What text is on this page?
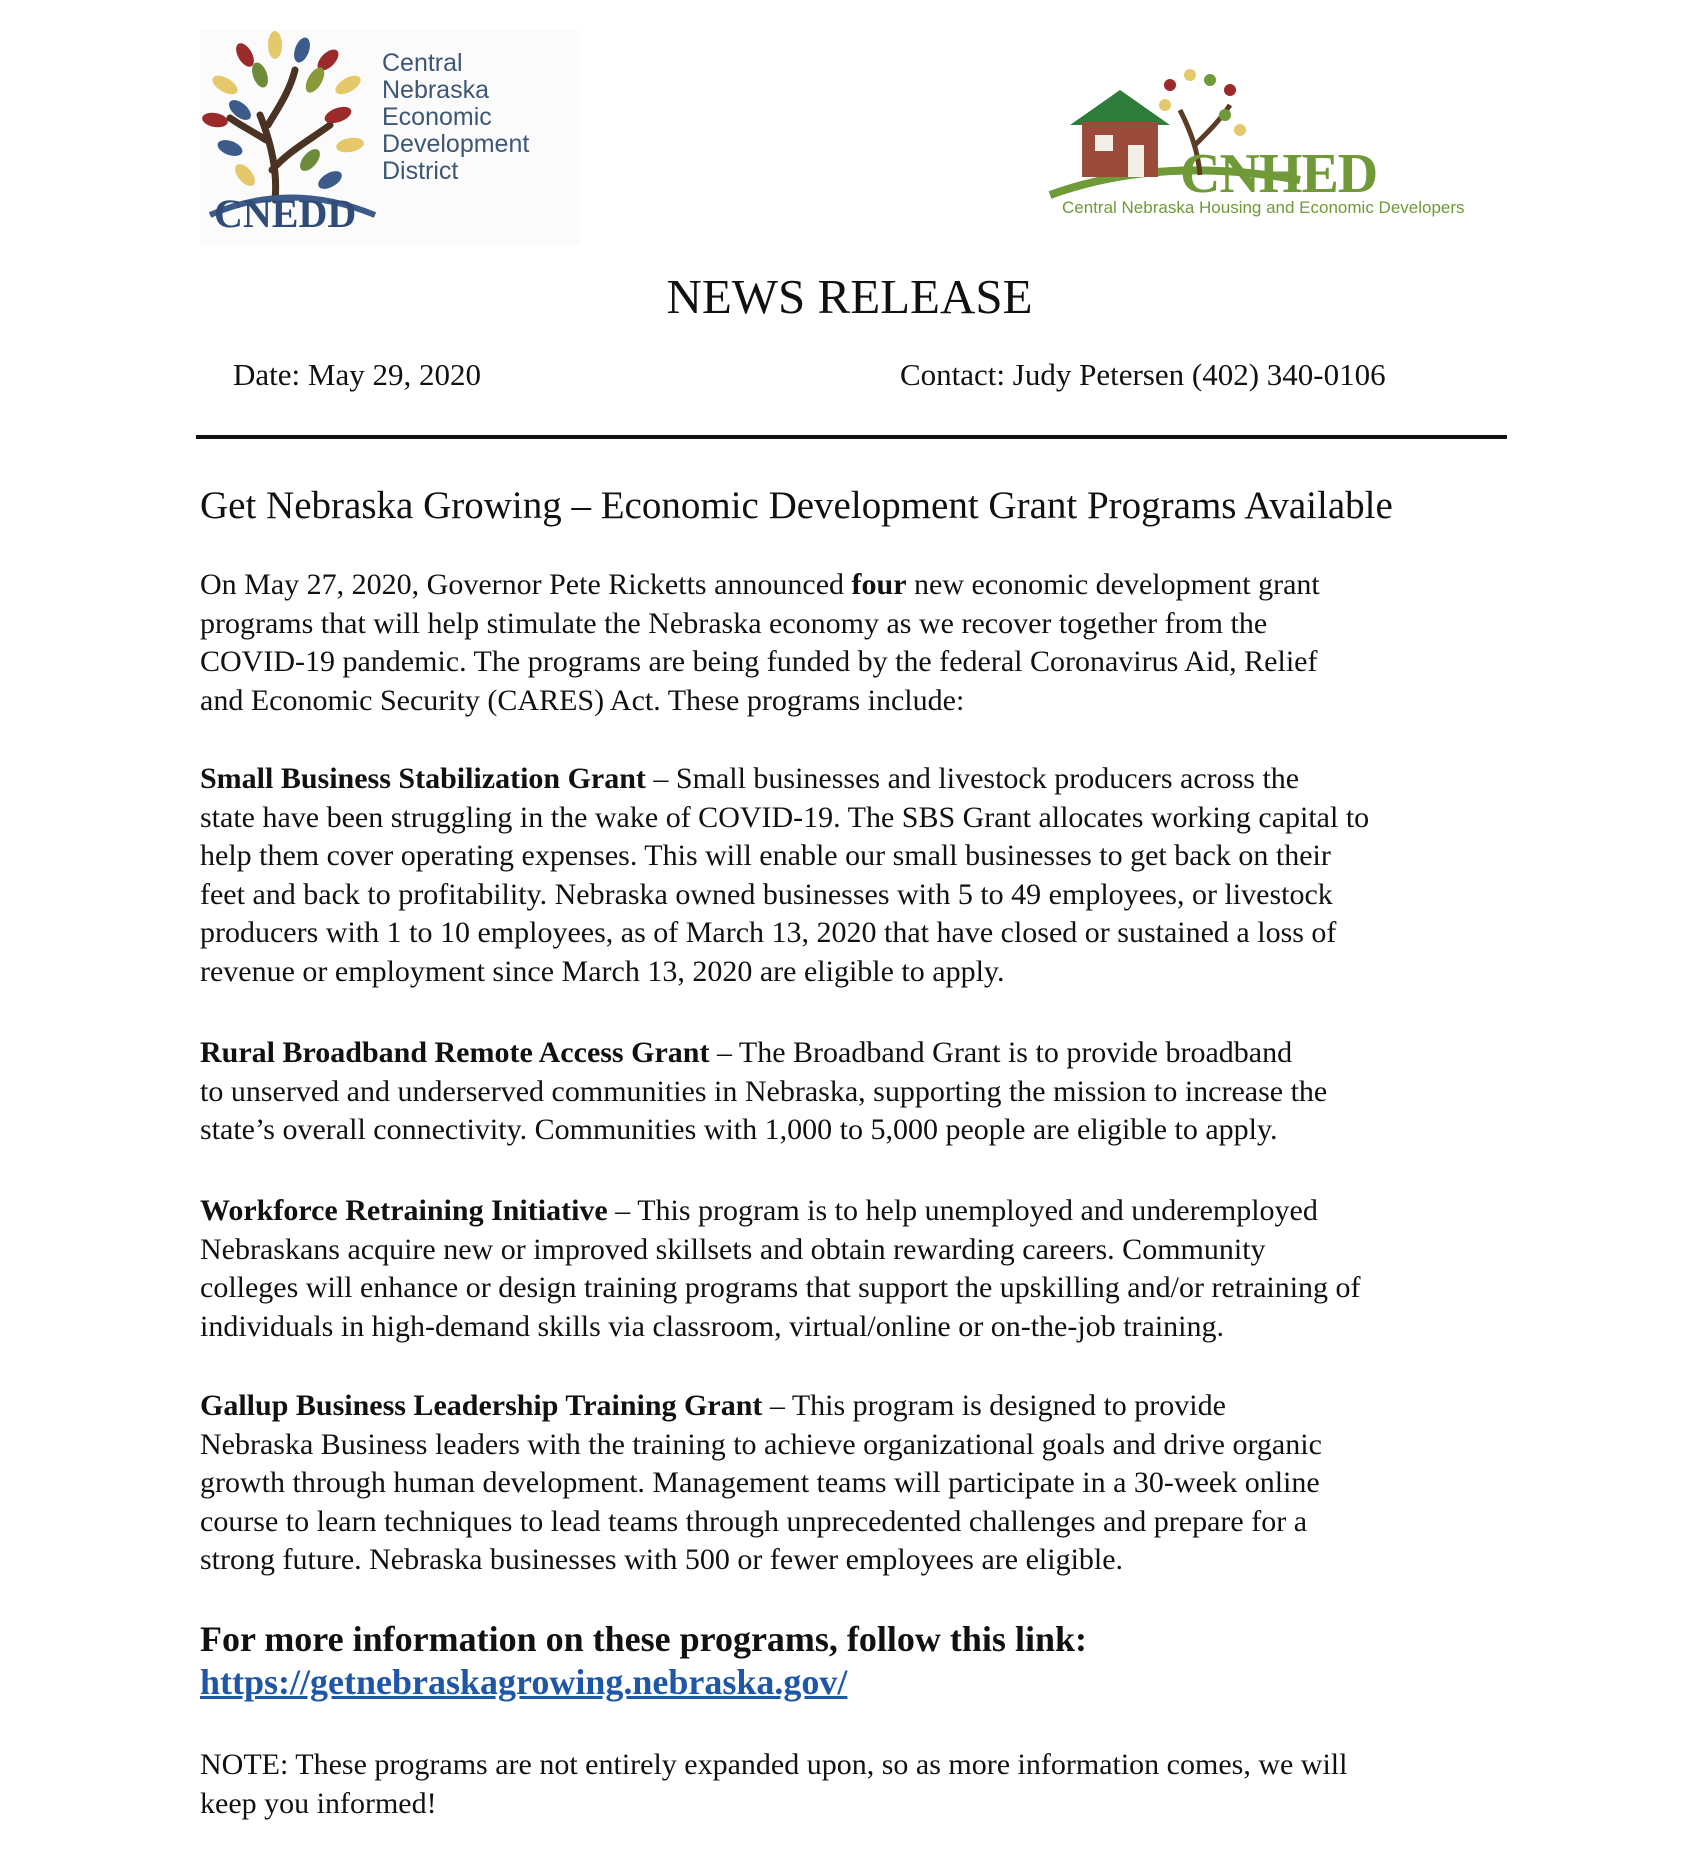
Central
Nebraska
Economic
Development
District
CNEDD
CNHED
Central Nebraska Housing and Economic Developers
NEWS RELEASE
Date: May 29, 2020	Contact: Judy Petersen (402) 340-0106
Get Nebraska Growing – Economic Development Grant Programs Available
On May 27, 2020, Governor Pete Ricketts announced four new economic development grant
programs that will help stimulate the Nebraska economy as we recover together from the
COVID-19 pandemic. The programs are being funded by the federal Coronavirus Aid, Relief
and Economic Security (CARES) Act. These programs include:
Small Business Stabilization Grant – Small businesses and livestock producers across the
state have been struggling in the wake of COVID-19. The SBS Grant allocates working capital to
help them cover operating expenses. This will enable our small businesses to get back on their
feet and back to profitability. Nebraska owned businesses with 5 to 49 employees, or livestock
producers with 1 to 10 employees, as of March 13, 2020 that have closed or sustained a loss of
revenue or employment since March 13, 2020 are eligible to apply.
Rural Broadband Remote Access Grant – The Broadband Grant is to provide broadband
to unserved and underserved communities in Nebraska, supporting the mission to increase the
state’s overall connectivity. Communities with 1,000 to 5,000 people are eligible to apply.
Workforce Retraining Initiative – This program is to help unemployed and underemployed
Nebraskans acquire new or improved skillsets and obtain rewarding careers. Community
colleges will enhance or design training programs that support the upskilling and/or retraining of
individuals in high-demand skills via classroom, virtual/online or on-the-job training.
Gallup Business Leadership Training Grant – This program is designed to provide
Nebraska Business leaders with the training to achieve organizational goals and drive organic
growth through human development. Management teams will participate in a 30-week online
course to learn techniques to lead teams through unprecedented challenges and prepare for a
strong future. Nebraska businesses with 500 or fewer employees are eligible.
For more information on these programs, follow this link:
https://getnebraskagrowing.nebraska.gov/
NOTE: These programs are not entirely expanded upon, so as more information comes, we will
keep you informed!
